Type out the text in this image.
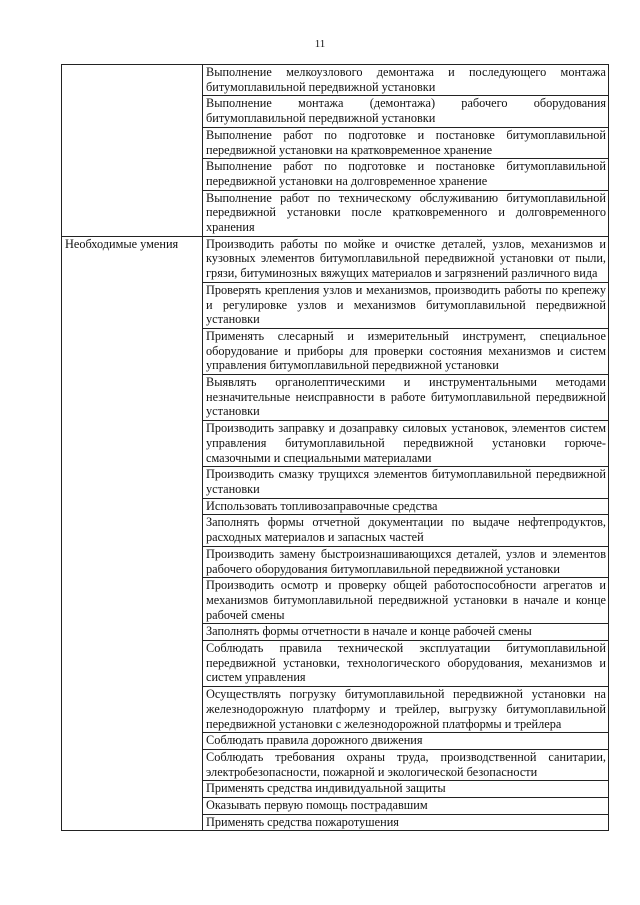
11
	Выполнение мелкоузлового демонтажа и последующего монтажа битумоплавильной передвижной установки
	Выполнение монтажа (демонтажа) рабочего оборудования битумоплавильной передвижной установки
	Выполнение работ по подготовке и постановке битумоплавильной передвижной установки на кратковременное хранение
	Выполнение работ по подготовке и постановке битумоплавильной передвижной установки на долговременное хранение
	Выполнение работ по техническому обслуживанию битумоплавильной передвижной установки после кратковременного и долговременного хранения
Необходимые умения	Производить работы по мойке и очистке деталей, узлов, механизмов и кузовных элементов битумоплавильной передвижной установки от пыли, грязи, битуминозных вяжущих материалов и загрязнений различного вида
	Проверять крепления узлов и механизмов, производить работы по крепежу и регулировке узлов и механизмов битумоплавильной передвижной установки
	Применять слесарный и измерительный инструмент, специальное оборудование и приборы для проверки состояния механизмов и систем управления битумоплавильной передвижной установки
	Выявлять органолептическими и инструментальными методами незначительные неисправности в работе битумоплавильной передвижной установки
	Производить заправку и дозаправку силовых установок, элементов систем управления битумоплавильной передвижной установки горюче-смазочными и специальными материалами
	Производить смазку трущихся элементов битумоплавильной передвижной установки
	Использовать топливозаправочные средства
	Заполнять формы отчетной документации по выдаче нефтепродуктов, расходных материалов и запасных частей
	Производить замену быстроизнашивающихся деталей, узлов и элементов рабочего оборудования битумоплавильной передвижной установки
	Производить осмотр и проверку общей работоспособности агрегатов и механизмов битумоплавильной передвижной установки в начале и конце рабочей смены
	Заполнять формы отчетности в начале и конце рабочей смены
	Соблюдать правила технической эксплуатации битумоплавильной передвижной установки, технологического оборудования, механизмов и систем управления
	Осуществлять погрузку битумоплавильной передвижной установки на железнодорожную платформу и трейлер, выгрузку битумоплавильной передвижной установки с железнодорожной платформы и трейлера
	Соблюдать правила дорожного движения
	Соблюдать требования охраны труда, производственной санитарии, электробезопасности, пожарной и экологической безопасности
	Применять средства индивидуальной защиты
	Оказывать первую помощь пострадавшим
	Применять средства пожаротушения
